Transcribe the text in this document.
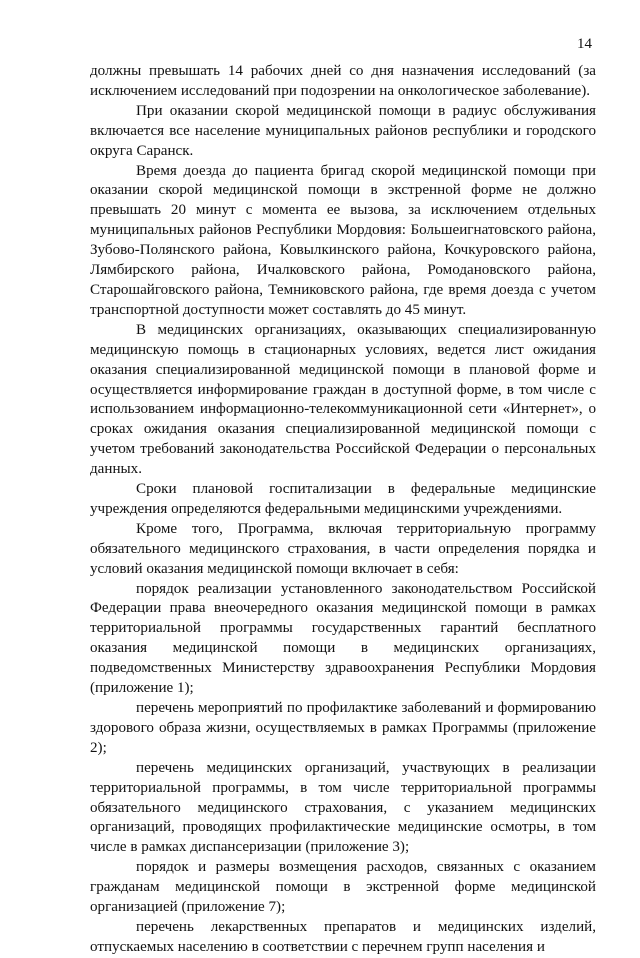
14

должны превышать 14 рабочих дней со дня назначения исследований (за исключением исследований при подозрении на онкологическое заболевание).

При оказании скорой медицинской помощи в радиус обслуживания включается все население муниципальных районов республики и городского округа Саранск.

Время доезда до пациента бригад скорой медицинской помощи при оказании скорой медицинской помощи в экстренной форме не должно превышать 20 минут с момента ее вызова, за исключением отдельных муниципальных районов Республики Мордовия: Большеигнатовского района, Зубово-Полянского района, Ковылкинского района, Кочкуровского района, Лямбирского района, Ичалковского района, Ромодановского района, Старошайговского района, Темниковского района, где время доезда с учетом транспортной доступности может составлять до 45 минут.

В медицинских организациях, оказывающих специализированную медицинскую помощь в стационарных условиях, ведется лист ожидания оказания специализированной медицинской помощи в плановой форме и осуществляется информирование граждан в доступной форме, в том числе с использованием информационно-телекоммуникационной сети «Интернет», о сроках ожидания оказания специализированной медицинской помощи с учетом требований законодательства Российской Федерации о персональных данных.

Сроки плановой госпитализации в федеральные медицинские учреждения определяются федеральными медицинскими учреждениями.

Кроме того, Программа, включая территориальную программу обязательного медицинского страхования, в части определения порядка и условий оказания медицинской помощи включает в себя:

порядок реализации установленного законодательством Российской Федерации права внеочередного оказания медицинской помощи в рамках территориальной программы государственных гарантий бесплатного оказания медицинской помощи в медицинских организациях, подведомственных Министерству здравоохранения Республики Мордовия (приложение 1);

перечень мероприятий по профилактике заболеваний и формированию здорового образа жизни, осуществляемых в рамках Программы (приложение 2);

перечень медицинских организаций, участвующих в реализации территориальной программы, в том числе территориальной программы обязательного медицинского страхования, с указанием медицинских организаций, проводящих профилактические медицинские осмотры, в том числе в рамках диспансеризации (приложение 3);

порядок и размеры возмещения расходов, связанных с оказанием гражданам медицинской помощи в экстренной форме медицинской организацией (приложение 7);

перечень лекарственных препаратов и медицинских изделий, отпускаемых населению в соответствии с перечнем групп населения и
